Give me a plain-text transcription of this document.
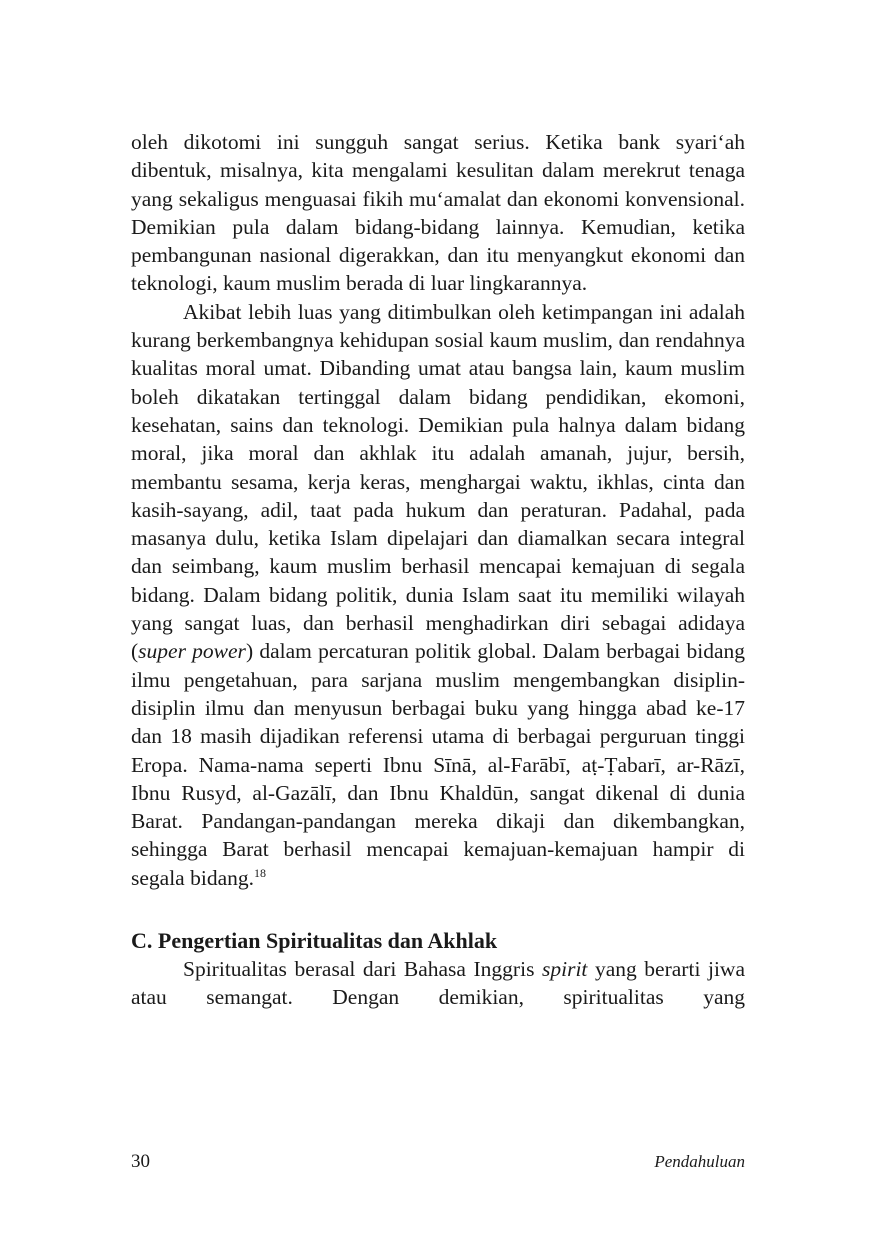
oleh dikotomi ini sungguh sangat serius. Ketika bank syari‘ah dibentuk, misalnya, kita mengalami kesulitan dalam merekrut tenaga yang sekaligus menguasai fikih mu‘amalat dan ekonomi konvensional. Demikian pula dalam bidang-bidang lainnya. Kemudian, ketika pembangunan nasional digerakkan, dan itu menyangkut ekonomi dan teknologi, kaum muslim berada di luar lingkarannya.

Akibat lebih luas yang ditimbulkan oleh ketimpangan ini adalah kurang berkembangnya kehidupan sosial kaum muslim, dan rendahnya kualitas moral umat. Dibanding umat atau bangsa lain, kaum muslim boleh dikatakan tertinggal dalam bidang pendidikan, ekomoni, kesehatan, sains dan teknologi. Demikian pula halnya dalam bidang moral, jika moral dan akhlak itu adalah amanah, jujur, bersih, membantu sesama, kerja keras, menghargai waktu, ikhlas, cinta dan kasih-sayang, adil, taat pada hukum dan peraturan. Padahal, pada masanya dulu, ketika Islam dipelajari dan diamalkan secara integral dan seimbang, kaum muslim berhasil mencapai kemajuan di segala bidang. Dalam bidang politik, dunia Islam saat itu memiliki wilayah yang sangat luas, dan berhasil menghadirkan diri sebagai adidaya (super power) dalam percaturan politik global. Dalam berbagai bidang ilmu pengetahuan, para sarjana muslim mengembangkan disiplin-disiplin ilmu dan menyusun berbagai buku yang hingga abad ke-17 dan 18 masih dijadikan referensi utama di berbagai perguruan tinggi Eropa. Nama-nama seperti Ibnu Sīnā, al-Farābī, aṭ-Ṭabarī, ar-Rāzī, Ibnu Rusyd, al-Gazālī, dan Ibnu Khaldūn, sangat dikenal di dunia Barat. Pandangan-pandangan mereka dikaji dan dikembangkan, sehingga Barat berhasil mencapai kemajuan-kemajuan hampir di segala bidang.$^{18}$

C. Pengertian Spiritualitas dan Akhlak

Spiritualitas berasal dari Bahasa Inggris spirit yang berarti jiwa atau semangat. Dengan demikian, spiritualitas yang

30	Pendahuluan
